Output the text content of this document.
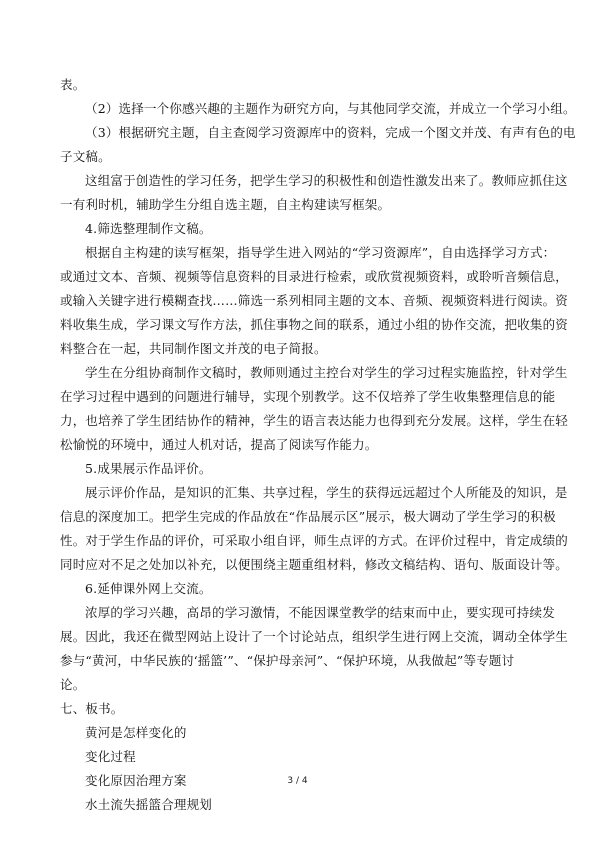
表。
（2）选择一个你感兴趣的主题作为研究方向，与其他同学交流，并成立一个学习小组。
（3）根据研究主题，自主查阅学习资源库中的资料，完成一个图文并茂、有声有色的电
子文稿。
这组富于创造性的学习任务，把学生学习的积极性和创造性激发出来了。教师应抓住这
一有利时机，辅助学生分组自选主题，自主构建读写框架。
4.筛选整理制作文稿。
根据自主构建的读写框架，指导学生进入网站的“学习资源库”，自由选择学习方式：
或通过文本、音频、视频等信息资料的目录进行检索，或欣赏视频资料，或聆听音频信息，
或输入关键字进行模糊查找……筛选一系列相同主题的文本、音频、视频资料进行阅读。资
料收集生成，学习课文写作方法，抓住事物之间的联系，通过小组的协作交流，把收集的资
料整合在一起，共同制作图文并茂的电子简报。
学生在分组协商制作文稿时，教师则通过主控台对学生的学习过程实施监控，针对学生
在学习过程中遇到的问题进行辅导，实现个别教学。这不仅培养了学生收集整理信息的能
力，也培养了学生团结协作的精神，学生的语言表达能力也得到充分发展。这样，学生在轻
松愉悦的环境中，通过人机对话，提高了阅读写作能力。
5.成果展示作品评价。
展示评价作品，是知识的汇集、共享过程，学生的获得远远超过个人所能及的知识，是
信息的深度加工。把学生完成的作品放在“作品展示区”展示，极大调动了学生学习的积极
性。对于学生作品的评价，可采取小组自评，师生点评的方式。在评价过程中，肯定成绩的
同时应对不足之处加以补充，以便围绕主题重组材料，修改文稿结构、语句、版面设计等。
6.延伸课外网上交流。
浓厚的学习兴趣，高昂的学习激情，不能因课堂教学的结束而中止，要实现可持续发
展。因此，我还在微型网站上设计了一个讨论站点，组织学生进行网上交流，调动全体学生
参与“黄河，中华民族的‘摇篮’”、“保护母亲河”、“保护环境，从我做起”等专题讨
论。
七、板书。
黄河是怎样变化的
变化过程
变化原因治理方案
水土流失摇篮合理规划
3 / 4
